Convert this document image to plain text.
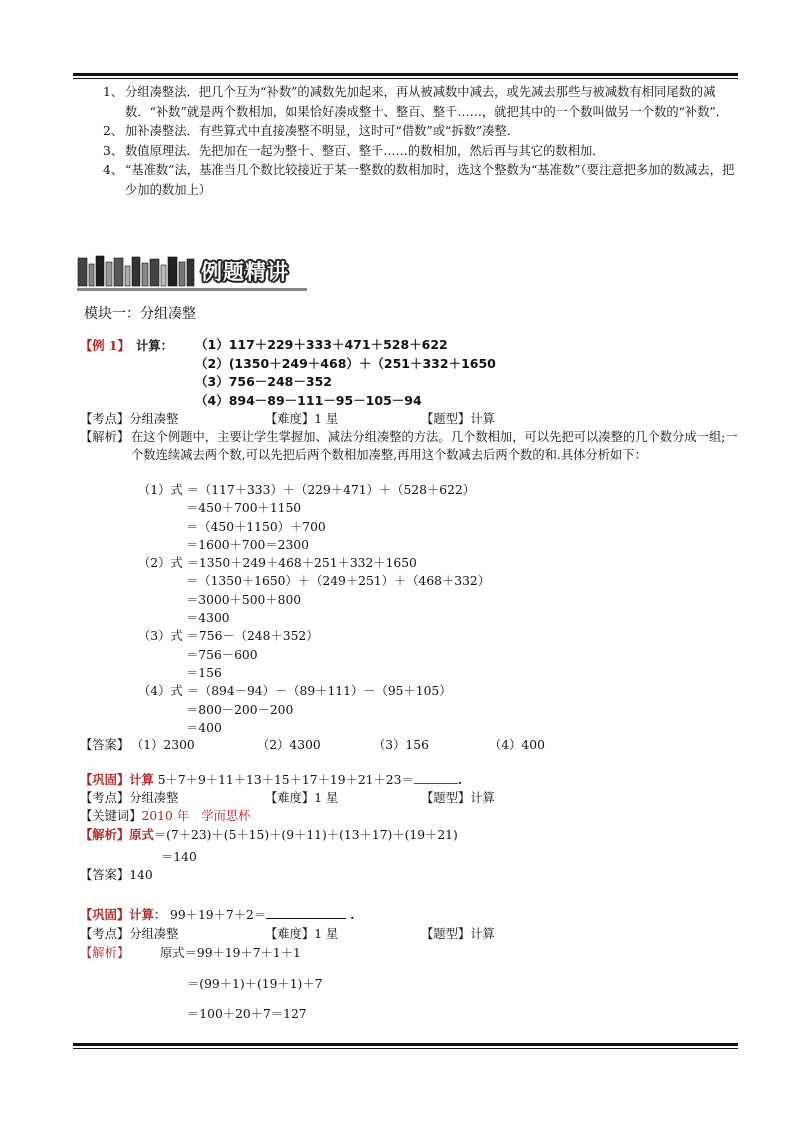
1、 分组凑整法．把几个互为“补数”的减数先加起来，再从被减数中减去，或先减去那些与被减数有相同尾数的减数．“补数”就是两个数相加，如果恰好凑成整十、整百、整千……，就把其中的一个数叫做另一个数的“补数”．
2、 加补凑整法．有些算式中直接凑整不明显，这时可“借数”或“拆数”凑整．
3、 数值原理法．先把加在一起为整十、整百、整千……的数相加，然后再与其它的数相加．
4、 “基准数”法，基准当几个数比较接近于某一整数的数相加时，选这个整数为“基准数”（要注意把多加的数减去，把少加的数加上）
例题精讲
模块一：分组凑整
【例 1】 计算： （1）117＋229＋333＋471＋528＋622
（2）(1350＋249＋468）＋（251＋332＋1650
（3）756－248－352
（4）894－89－111－95－105－94
【考点】分组凑整	【难度】1 星	【题型】计算
【解析】 在这个例题中，主要让学生掌握加、减法分组凑整的方法。几个数相加，可以先把可以凑整的几个数分成一组;一个数连续减去两个数,可以先把后两个数相加凑整,再用这个数减去后两个数的和.具体分析如下：
（1）式 ＝（117＋333）＋（229＋471）＋（528＋622）
＝450＋700＋1150
＝（450＋1150）＋700
＝1600＋700＝2300
（2）式 ＝1350＋249＋468＋251＋332＋1650
＝（1350＋1650）＋（249＋251）＋（468＋332）
＝3000＋500＋800
＝4300
（3）式 ＝756－（248＋352）
＝756－600
＝156
（4）式 ＝（894－94）－（89＋111）－（95＋105）
＝800－200－200
＝400
【答案】 （1）2300	（2）4300	（3）156	（4）400
【巩固】计算 5＋7＋9＋11＋13＋15＋17＋19＋21＋23＝	.
【考点】分组凑整	【难度】1 星	【题型】计算
【关键词】2010 年　学而思杯
【解析】原式＝(7＋23)＋(5＋15)＋(9＋11)＋(13＋17)＋(19＋21)
＝140
【答案】140
【巩固】计算： 99＋19＋7＋2＝	.
【考点】分组凑整	【难度】1 星	【题型】计算
【解析】	原式＝99＋19＋7＋1＋1
＝(99＋1)＋(19＋1)＋7
＝100＋20＋7＝127
